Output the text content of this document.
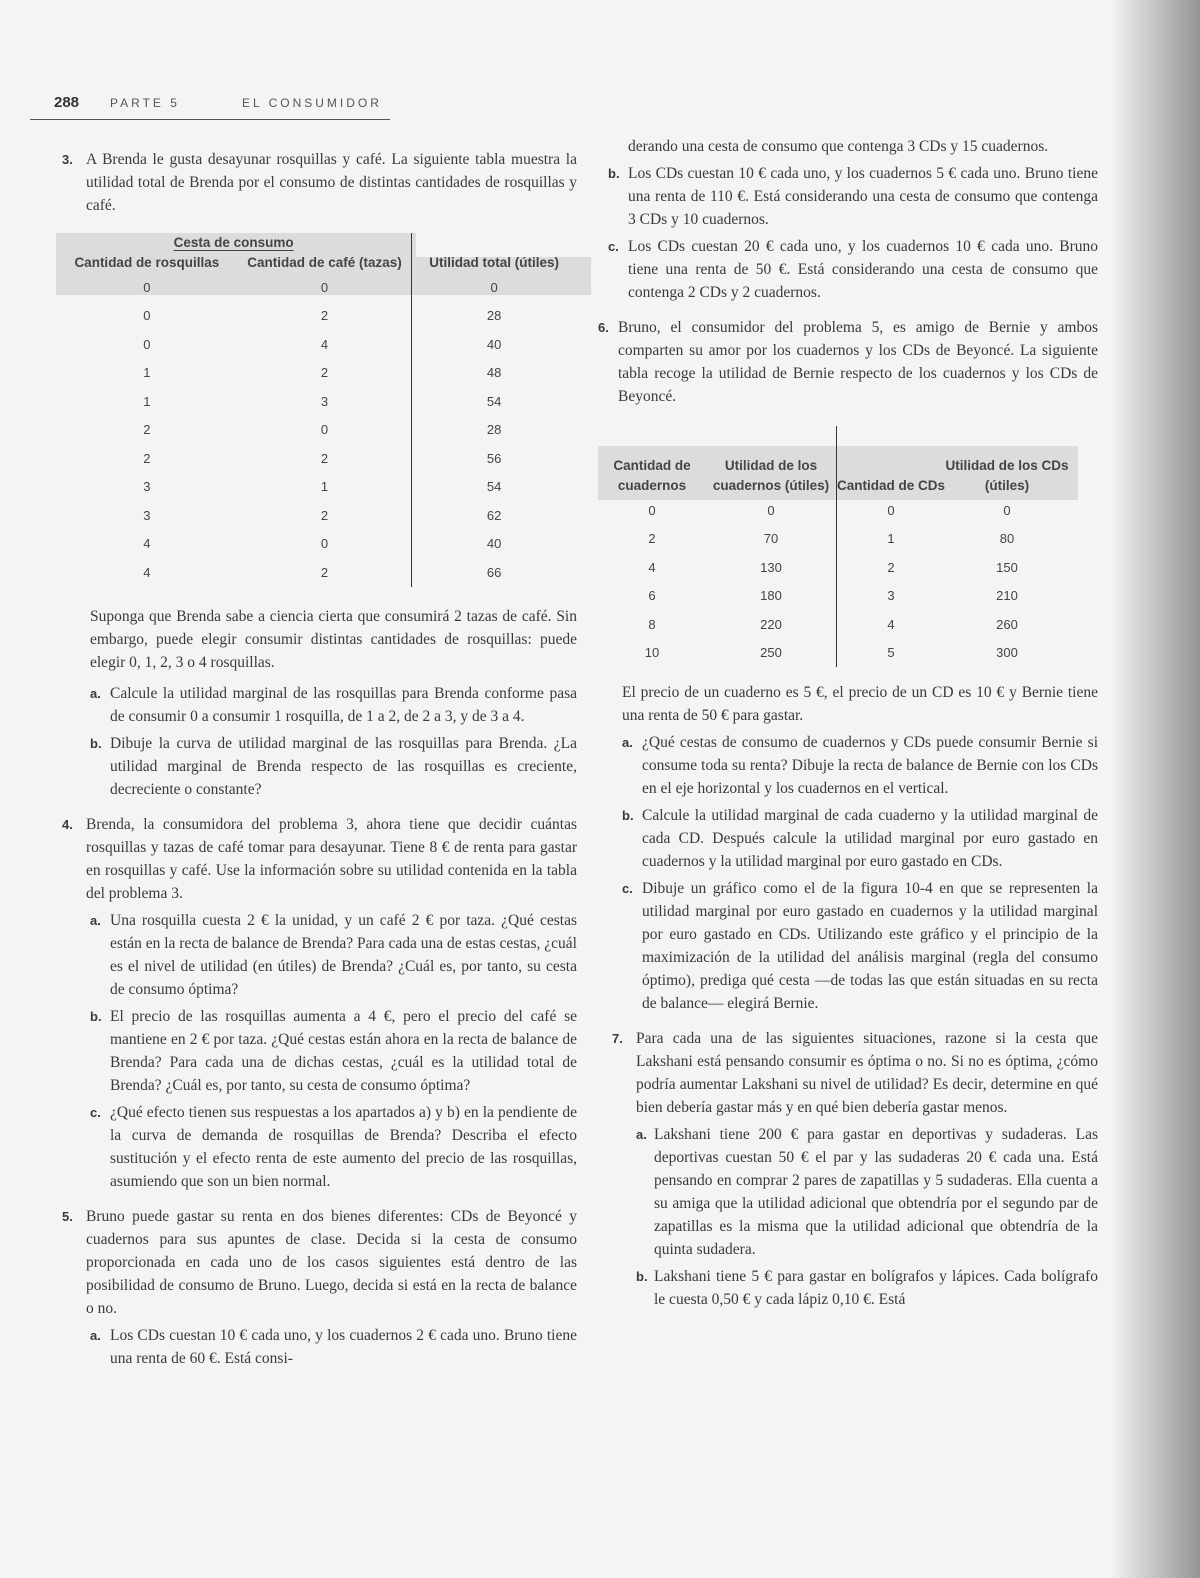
288	PARTE 5	EL CONSUMIDOR
3. A Brenda le gusta desayunar rosquillas y café. La siguiente tabla muestra la utilidad total de Brenda por el consumo de distintas cantidades de rosquillas y café.

Cesta de consumo		
Cantidad de rosquillas	Cantidad de café (tazas)	Utilidad total (útiles)
0	0	0
0	2	28
0	4	40
1	2	48
1	3	54
2	0	28
2	2	56
3	1	54
3	2	62
4	0	40
4	2	66

Suponga que Brenda sabe a ciencia cierta que consumirá 2 tazas de café. Sin embargo, puede elegir consumir distintas cantidades de rosquillas: puede elegir 0, 1, 2, 3 o 4 rosquillas.

a. Calcule la utilidad marginal de las rosquillas para Brenda conforme pasa de consumir 0 a consumir 1 rosquilla, de 1 a 2, de 2 a 3, y de 3 a 4.

b. Dibuje la curva de utilidad marginal de las rosquillas para Brenda. ¿La utilidad marginal de Brenda respecto de las rosquillas es creciente, decreciente o constante?

4. Brenda, la consumidora del problema 3, ahora tiene que decidir cuántas rosquillas y tazas de café tomar para desayunar. Tiene 8 € de renta para gastar en rosquillas y café. Use la información sobre su utilidad contenida en la tabla del problema 3.

a. Una rosquilla cuesta 2 € la unidad, y un café 2 € por taza. ¿Qué cestas están en la recta de balance de Brenda? Para cada una de estas cestas, ¿cuál es el nivel de utilidad (en útiles) de Brenda? ¿Cuál es, por tanto, su cesta de consumo óptima?

b. El precio de las rosquillas aumenta a 4 €, pero el precio del café se mantiene en 2 € por taza. ¿Qué cestas están ahora en la recta de balance de Brenda? Para cada una de dichas cestas, ¿cuál es la utilidad total de Brenda? ¿Cuál es, por tanto, su cesta de consumo óptima?

c. ¿Qué efecto tienen sus respuestas a los apartados a) y b) en la pendiente de la curva de demanda de rosquillas de Brenda? Describa el efecto sustitución y el efecto renta de este aumento del precio de las rosquillas, asumiendo que son un bien normal.

5. Bruno puede gastar su renta en dos bienes diferentes: CDs de Beyoncé y cuadernos para sus apuntes de clase. Decida si la cesta de consumo proporcionada en cada uno de los casos siguientes está dentro de las posibilidad de consumo de Bruno. Luego, decida si está en la recta de balance o no.

a. Los CDs cuestan 10 € cada uno, y los cuadernos 2 € cada uno. Bruno tiene una renta de 60 €. Está consi-

derando una cesta de consumo que contenga 3 CDs y 15 cuadernos.

b. Los CDs cuestan 10 € cada uno, y los cuadernos 5 € cada uno. Bruno tiene una renta de 110 €. Está considerando una cesta de consumo que contenga 3 CDs y 10 cuadernos.

c. Los CDs cuestan 20 € cada uno, y los cuadernos 10 € cada uno. Bruno tiene una renta de 50 €. Está considerando una cesta de consumo que contenga 2 CDs y 2 cuadernos.

6. Bruno, el consumidor del problema 5, es amigo de Bernie y ambos comparten su amor por los cuadernos y los CDs de Beyoncé. La siguiente tabla recoge la utilidad de Bernie respecto de los cuadernos y los CDs de Beyoncé.

Cantidad de cuadernos	Utilidad de los cuadernos (útiles)	Cantidad de CDs	Utilidad de los CDs (útiles)
0	0	0	0
2	70	1	80
4	130	2	150
6	180	3	210
8	220	4	260
10	250	5	300

El precio de un cuaderno es 5 €, el precio de un CD es 10 € y Bernie tiene una renta de 50 € para gastar.

a. ¿Qué cestas de consumo de cuadernos y CDs puede consumir Bernie si consume toda su renta? Dibuje la recta de balance de Bernie con los CDs en el eje horizontal y los cuadernos en el vertical.

b. Calcule la utilidad marginal de cada cuaderno y la utilidad marginal de cada CD. Después calcule la utilidad marginal por euro gastado en cuadernos y la utilidad marginal por euro gastado en CDs.

c. Dibuje un gráfico como el de la figura 10-4 en que se representen la utilidad marginal por euro gastado en cuadernos y la utilidad marginal por euro gastado en CDs. Utilizando este gráfico y el principio de la maximización de la utilidad del análisis marginal (regla del consumo óptimo), prediga qué cesta —de todas las que están situadas en su recta de balance— elegirá Bernie.

7. Para cada una de las siguientes situaciones, razone si la cesta que Lakshani está pensando consumir es óptima o no. Si no es óptima, ¿cómo podría aumentar Lakshani su nivel de utilidad? Es decir, determine en qué bien debería gastar más y en qué bien debería gastar menos.

a. Lakshani tiene 200 € para gastar en deportivas y sudaderas. Las deportivas cuestan 50 € el par y las sudaderas 20 € cada una. Está pensando en comprar 2 pares de zapatillas y 5 sudaderas. Ella cuenta a su amiga que la utilidad adicional que obtendría por el segundo par de zapatillas es la misma que la utilidad adicional que obtendría de la quinta sudadera.

b. Lakshani tiene 5 € para gastar en bolígrafos y lápices. Cada bolígrafo le cuesta 0,50 € y cada lápiz 0,10 €. Está
